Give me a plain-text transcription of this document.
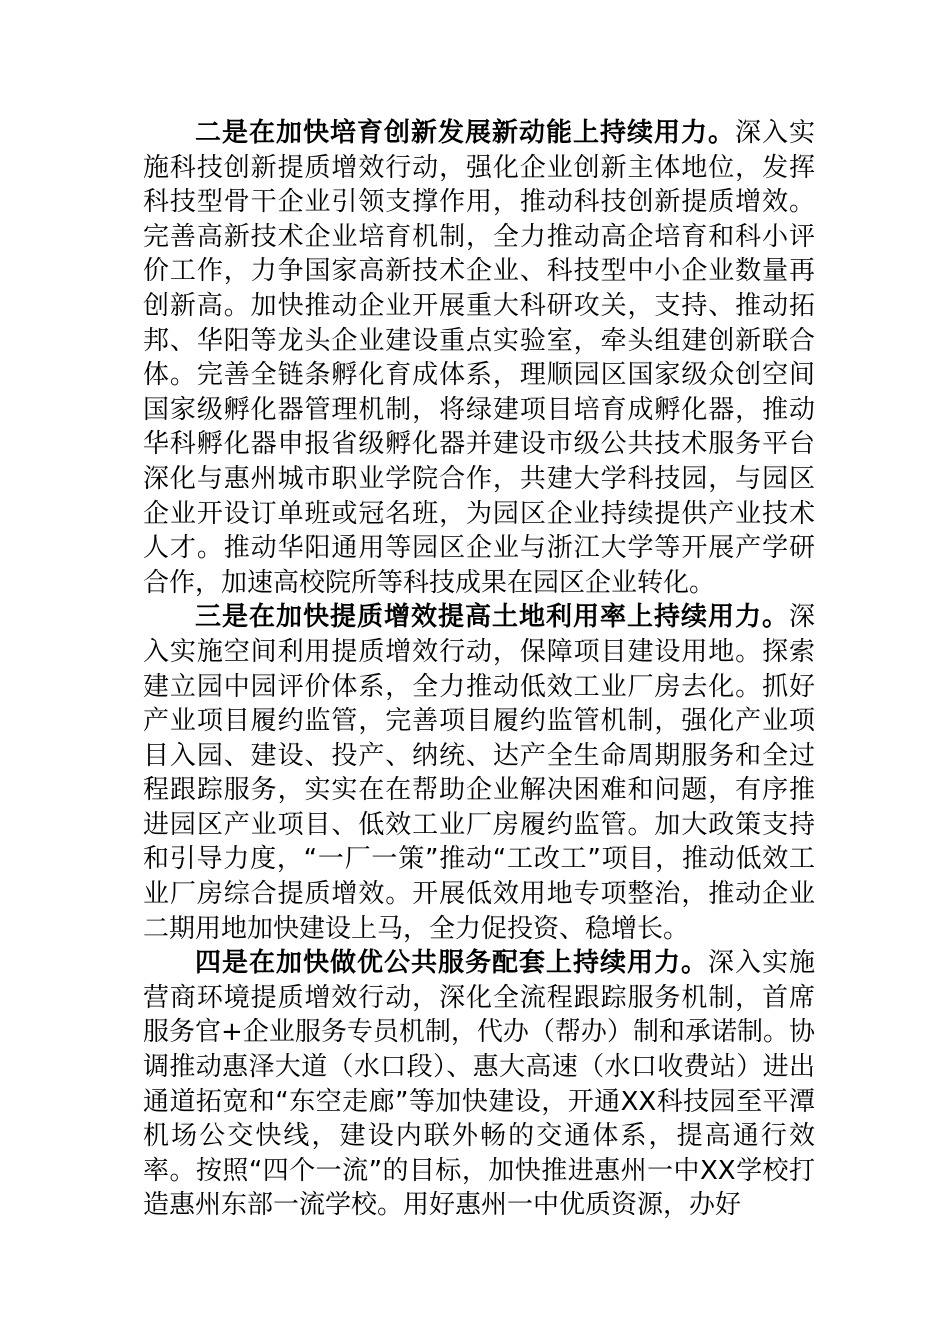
二是在加快培育创新发展新动能上持续用力。深入实施科技创新提质增效行动，强化企业创新主体地位，发挥科技型骨干企业引领支撑作用，推动科技创新提质增效。完善高新技术企业培育机制，全力推动高企培育和科小评价工作，力争国家高新技术企业、科技型中小企业数量再创新高。加快推动企业开展重大科研攻关，支持、推动拓邦、华阳等龙头企业建设重点实验室，牵头组建创新联合体。完善全链条孵化育成体系，理顺园区国家级众创空间国家级孵化器管理机制，将绿建项目培育成孵化器，推动华科孵化器申报省级孵化器并建设市级公共技术服务平台深化与惠州城市职业学院合作，共建大学科技园，与园区企业开设订单班或冠名班，为园区企业持续提供产业技术人才。推动华阳通用等园区企业与浙江大学等开展产学研合作，加速高校院所等科技成果在园区企业转化。

三是在加快提质增效提高土地利用率上持续用力。深入实施空间利用提质增效行动，保障项目建设用地。探索建立园中园评价体系，全力推动低效工业厂房去化。抓好产业项目履约监管，完善项目履约监管机制，强化产业项目入园、建设、投产、纳统、达产全生命周期服务和全过程跟踪服务，实实在在帮助企业解决困难和问题，有序推进园区产业项目、低效工业厂房履约监管。加大政策支持和引导力度，“一厂一策”推动“工改工”项目，推动低效工业厂房综合提质增效。开展低效用地专项整治，推动企业二期用地加快建设上马，全力促投资、稳增长。

四是在加快做优公共服务配套上持续用力。深入实施营商环境提质增效行动，深化全流程跟踪服务机制，首席服务官+企业服务专员机制，代办（帮办）制和承诺制。协调推动惠泽大道（水口段）、惠大高速（水口收费站）进出通道拓宽和“东空走廊”等加快建设，开通XX科技园至平潭机场公交快线，建设内联外畅的交通体系，提高通行效率。按照“四个一流”的目标，加快推进惠州一中XX学校打造惠州东部一流学校。用好惠州一中优质资源，办好
